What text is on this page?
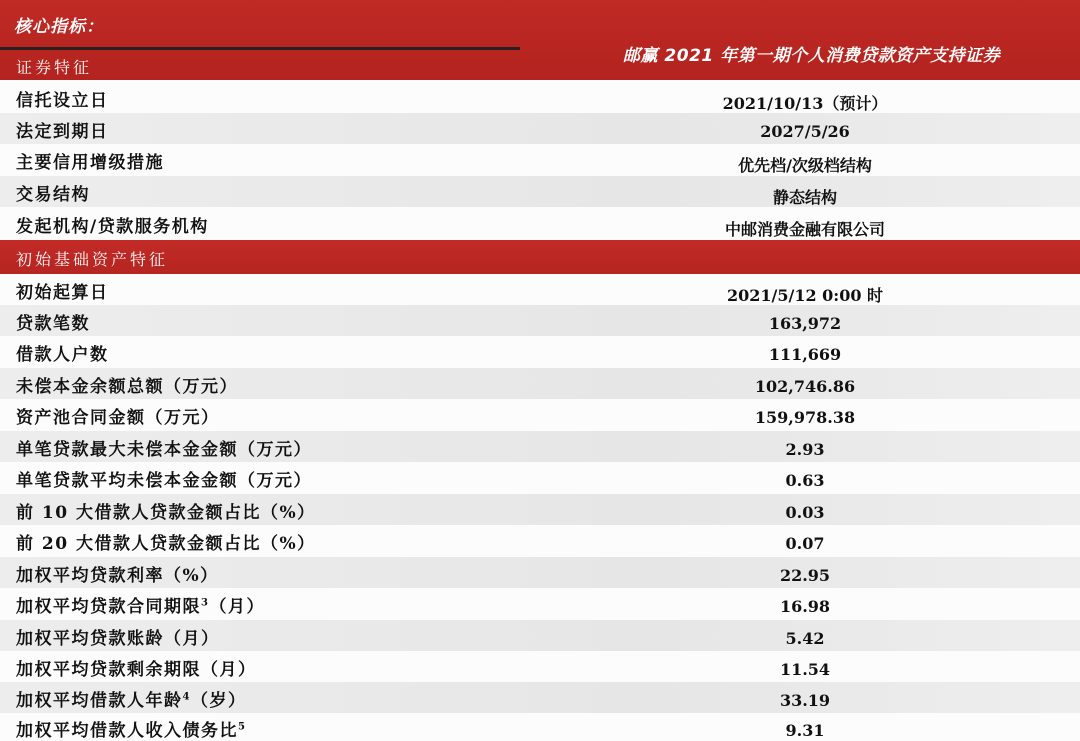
核心指标：
邮赢 2021 年第一期个人消费贷款资产支持证券
证券特征
信托设立日	2021/10/13（预计）
法定到期日	2027/5/26
主要信用增级措施	优先档/次级档结构
交易结构	静态结构
发起机构/贷款服务机构	中邮消费金融有限公司
初始基础资产特征
初始起算日	2021/5/12 0:00 时
贷款笔数	163,972
借款人户数	111,669
未偿本金余额总额（万元）	102,746.86
资产池合同金额（万元）	159,978.38
单笔贷款最大未偿本金金额（万元）	2.93
单笔贷款平均未偿本金金额（万元）	0.63
前 10 大借款人贷款金额占比（%）	0.03
前 20 大借款人贷款金额占比（%）	0.07
加权平均贷款利率（%）	22.95
加权平均贷款合同期限$^3$（月）	16.98
加权平均贷款账龄（月）	5.42
加权平均贷款剩余期限（月）	11.54
加权平均借款人年龄$^4$（岁）	33.19
加权平均借款人收入债务比$^5$	9.31
